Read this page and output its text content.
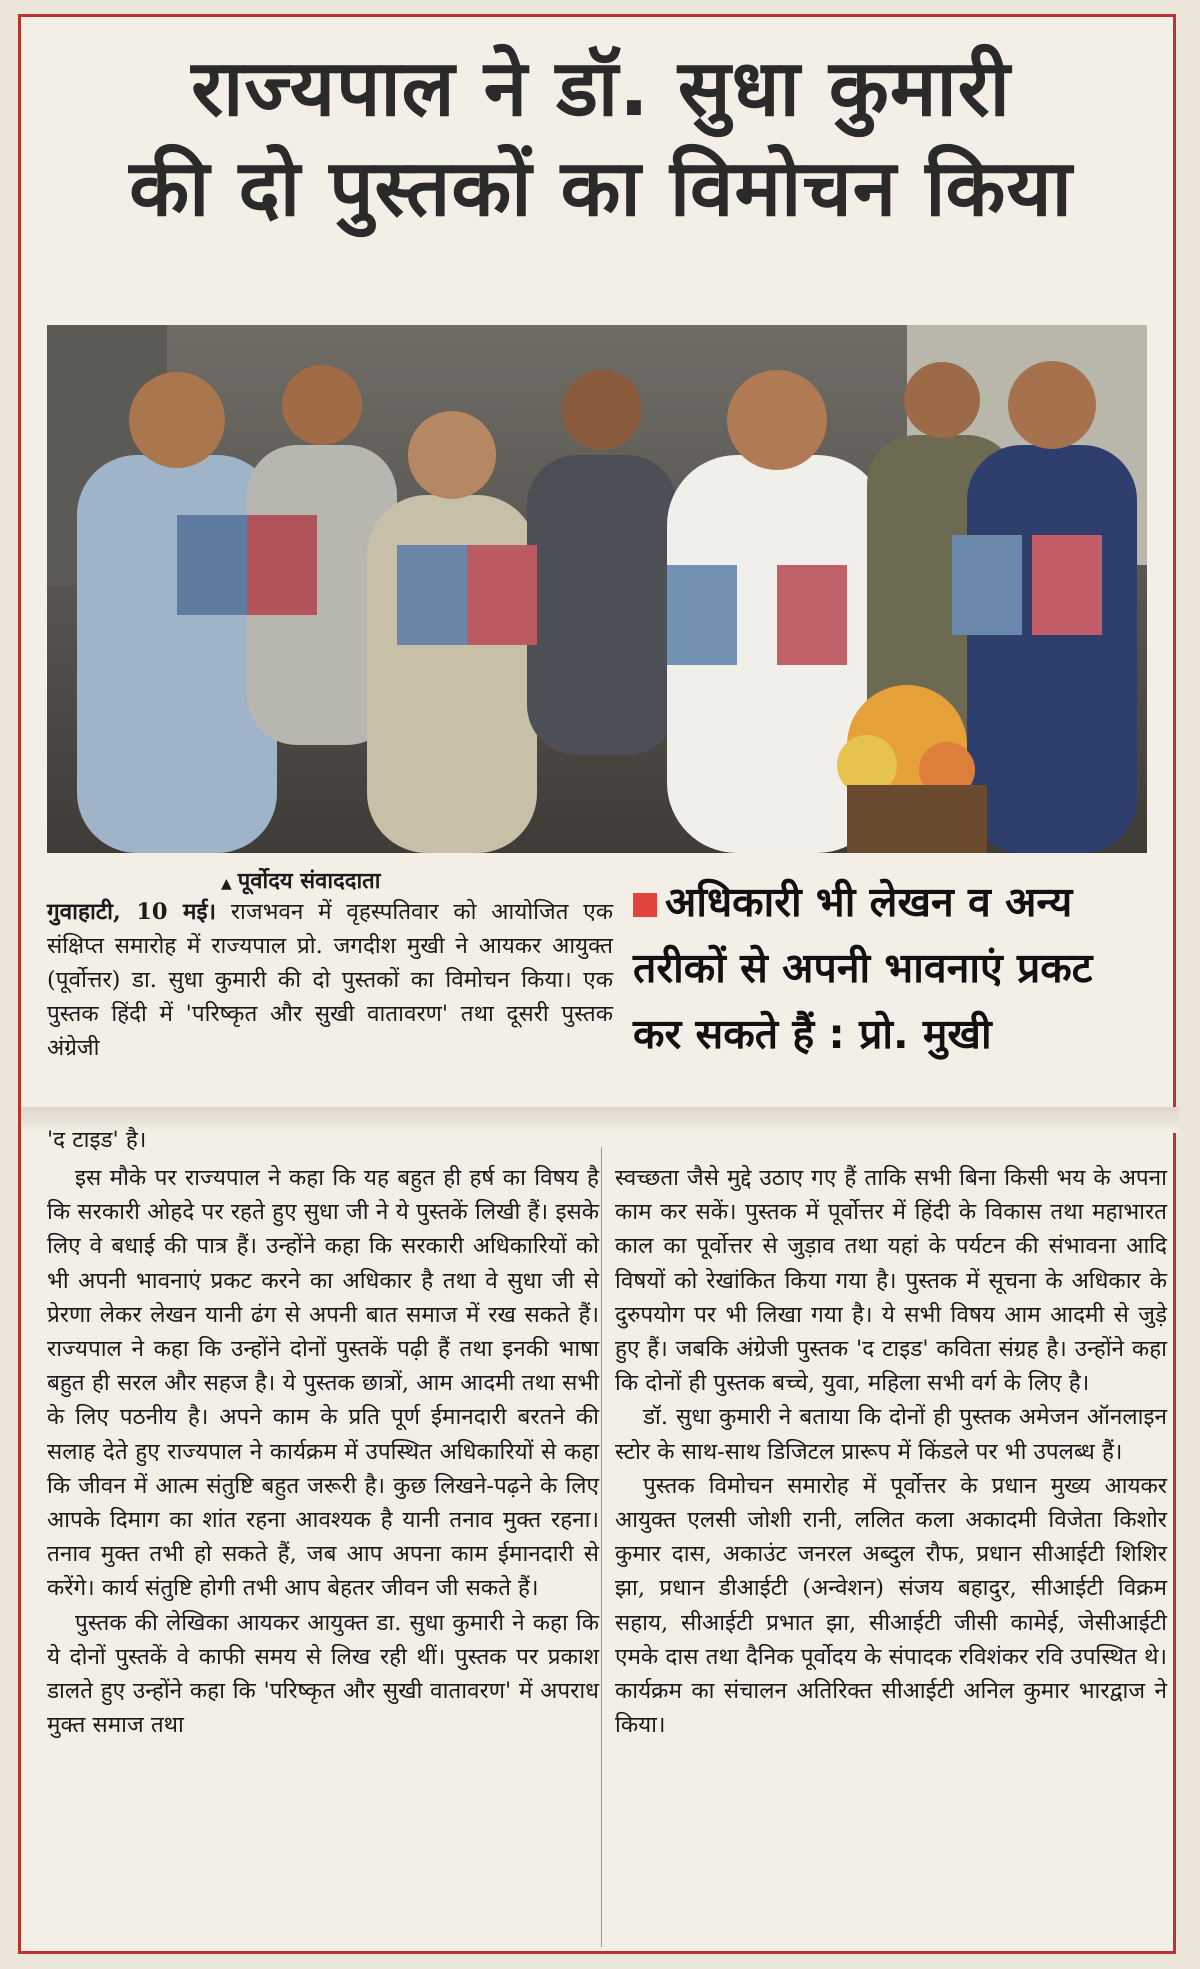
राज्यपाल ने डॉ. सुधा कुमारी
की दो पुस्तकों का विमोचन किया
▲ पूर्वोदय संवाददाता
गुवाहाटी, 10 मई। राजभवन में वृहस्पतिवार को आयोजित एक संक्षिप्त समारोह में राज्यपाल प्रो. जगदीश मुखी ने आयकर आयुक्त (पूर्वोत्तर) डा. सुधा कुमारी की दो पुस्तकों का विमोचन किया। एक पुस्तक हिंदी में 'परिष्कृत और सुखी वातावरण' तथा दूसरी पुस्तक अंग्रेजी
अधिकारी भी लेखन व अन्य तरीकों से अपनी भावनाएं प्रकट कर सकते हैं : प्रो. मुखी
'द टाइड' है।

इस मौके पर राज्यपाल ने कहा कि यह बहुत ही हर्ष का विषय है कि सरकारी ओहदे पर रहते हुए सुधा जी ने ये पुस्तकें लिखी हैं। इसके लिए वे बधाई की पात्र हैं। उन्होंने कहा कि सरकारी अधिकारियों को भी अपनी भावनाएं प्रकट करने का अधिकार है तथा वे सुधा जी से प्रेरणा लेकर लेखन यानी ढंग से अपनी बात समाज में रख सकते हैं। राज्यपाल ने कहा कि उन्होंने दोनों पुस्तकें पढ़ी हैं तथा इनकी भाषा बहुत ही सरल और सहज है। ये पुस्तक छात्रों, आम आदमी तथा सभी के लिए पठनीय है। अपने काम के प्रति पूर्ण ईमानदारी बरतने की सलाह देते हुए राज्यपाल ने कार्यक्रम में उपस्थित अधिकारियों से कहा कि जीवन में आत्म संतुष्टि बहुत जरूरी है। कुछ लिखने-पढ़ने के लिए आपके दिमाग का शांत रहना आवश्यक है यानी तनाव मुक्त रहना। तनाव मुक्त तभी हो सकते हैं, जब आप अपना काम ईमानदारी से करेंगे। कार्य संतुष्टि होगी तभी आप बेहतर जीवन जी सकते हैं।

पुस्तक की लेखिका आयकर आयुक्त डा. सुधा कुमारी ने कहा कि ये दोनों पुस्तकें वे काफी समय से लिख रही थीं। पुस्तक पर प्रकाश डालते हुए उन्होंने कहा कि 'परिष्कृत और सुखी वातावरण' में अपराध मुक्त समाज तथा

स्वच्छता जैसे मुद्दे उठाए गए हैं ताकि सभी बिना किसी भय के अपना काम कर सकें। पुस्तक में पूर्वोत्तर में हिंदी के विकास तथा महाभारत काल का पूर्वोत्तर से जुड़ाव तथा यहां के पर्यटन की संभावना आदि विषयों को रेखांकित किया गया है। पुस्तक में सूचना के अधिकार के दुरुपयोग पर भी लिखा गया है। ये सभी विषय आम आदमी से जुड़े हुए हैं। जबकि अंग्रेजी पुस्तक 'द टाइड' कविता संग्रह है। उन्होंने कहा कि दोनों ही पुस्तक बच्चे, युवा, महिला सभी वर्ग के लिए है।

डॉ. सुधा कुमारी ने बताया कि दोनों ही पुस्तक अमेजन ऑनलाइन स्टोर के साथ-साथ डिजिटल प्रारूप में किंडले पर भी उपलब्ध हैं।

पुस्तक विमोचन समारोह में पूर्वोत्तर के प्रधान मुख्य आयकर आयुक्त एलसी जोशी रानी, ललित कला अकादमी विजेता किशोर कुमार दास, अकाउंट जनरल अब्दुल रौफ, प्रधान सीआईटी शिशिर झा, प्रधान डीआईटी (अन्वेशन) संजय बहादुर, सीआईटी विक्रम सहाय, सीआईटी प्रभात झा, सीआईटी जीसी कामेई, जेसीआईटी एमके दास तथा दैनिक पूर्वोदय के संपादक रविशंकर रवि उपस्थित थे। कार्यक्रम का संचालन अतिरिक्त सीआईटी अनिल कुमार भारद्वाज ने किया।
